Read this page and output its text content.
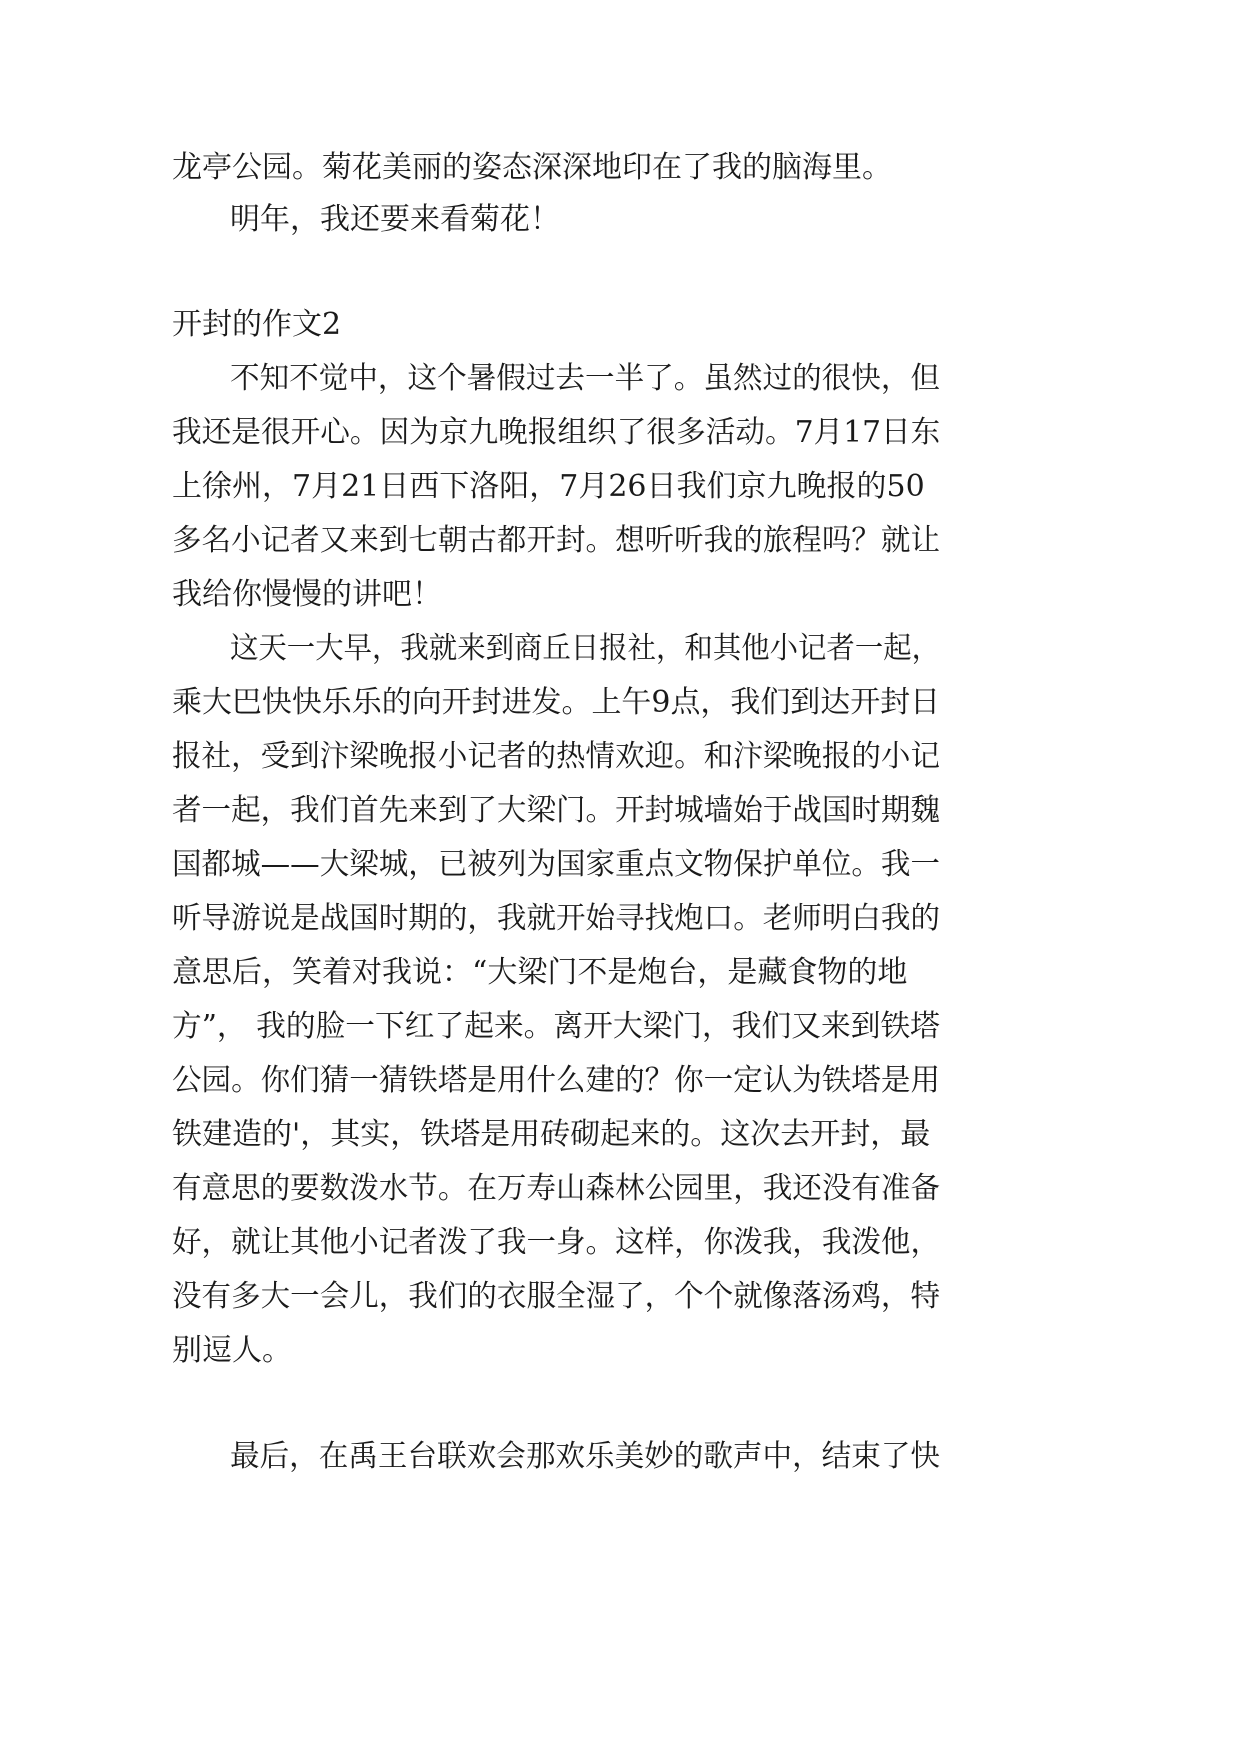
龙亭公园。菊花美丽的姿态深深地印在了我的脑海里。
明年，我还要来看菊花！
开封的作文2
不知不觉中，这个暑假过去一半了。虽然过的很快，但
我还是很开心。因为京九晚报组织了很多活动。7月17日东
上徐州，7月21日西下洛阳，7月26日我们京九晚报的50
多名小记者又来到七朝古都开封。想听听我的旅程吗？就让
我给你慢慢的讲吧！
这天一大早，我就来到商丘日报社，和其他小记者一起，
乘大巴快快乐乐的向开封进发。上午9点，我们到达开封日
报社，受到汴梁晚报小记者的热情欢迎。和汴梁晚报的小记
者一起，我们首先来到了大梁门。开封城墙始于战国时期魏
国都城——大梁城，已被列为国家重点文物保护单位。我一
听导游说是战国时期的，我就开始寻找炮口。老师明白我的
意思后，笑着对我说：“大梁门不是炮台，是藏食物的地
方”， 我的脸一下红了起来。离开大梁门，我们又来到铁塔
公园。你们猜一猜铁塔是用什么建的？你一定认为铁塔是用
铁建造的'，其实，铁塔是用砖砌起来的。这次去开封，最
有意思的要数泼水节。在万寿山森林公园里，我还没有准备
好，就让其他小记者泼了我一身。这样，你泼我，我泼他，
没有多大一会儿，我们的衣服全湿了，个个就像落汤鸡，特
别逗人。
最后，在禹王台联欢会那欢乐美妙的歌声中，结束了快
